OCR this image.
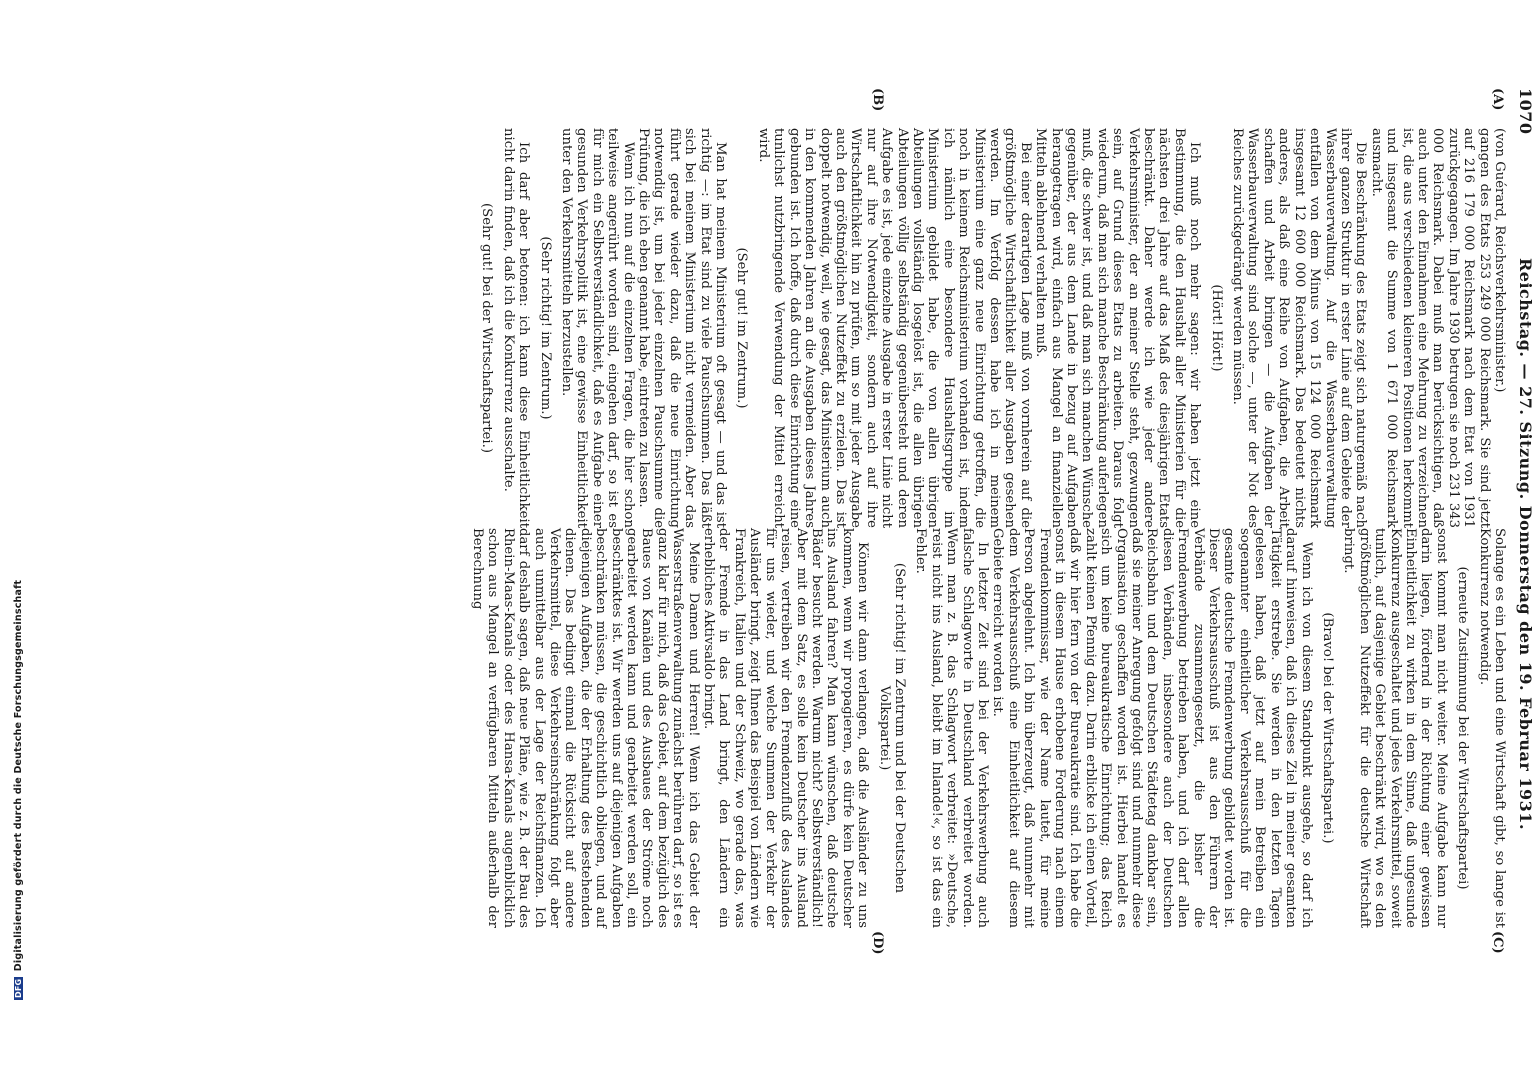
DFG Digitalisierung gefördert durch die Deutsche Forschungsgemeinschaft
1070
Reichstag. — 27. Sitzung. Donnerstag den 19. Februar 1931.
(A)
(B)
(C)
(D)

(von Guérard, Reichsverkehrsminister.)

gangen des Etats 253 249 000 Reichsmark. Sie sind jetzt auf 216 179 000 Reichsmark nach dem Etat von 1931 zurückgegangen. Im Jahre 1930 betrugen sie noch 231 343 000 Reichsmark. Dabei muß man berücksichtigen, daß auch unter den Einnahmen eine Mehrung zu verzeichnen ist, die aus verschiedenen kleineren Positionen herkommt und insgesamt die Summe von 1 671 000 Reichsmark ausmacht.

Die Beschränkung des Etats zeigt sich naturgemäß nach ihrer ganzen Struktur in erster Linie auf dem Gebiete der Wasserbauverwaltung. Auf die Wasserbauverwaltung entfallen von dem Minus von 15 124 000 Reichsmark insgesamt 12 600 000 Reichsmark. Das bedeutet nichts anderes, als daß eine Reihe von Aufgaben, die Arbeit schaffen und Arbeit bringen — die Aufgaben der Wasserbauverwaltung sind solche —, unter der Not des Reiches zurückgedrängt werden müssen.

(Hört! Hört!)

Ich muß noch mehr sagen: wir haben jetzt eine Bestimmung, die den Haushalt aller Ministerien für die nächsten drei Jahre auf das Maß des diesjährigen Etats beschränkt. Daher werde ich wie jeder andere Verkehrsminister, der an meiner Stelle steht, gezwungen sein, auf Grund dieses Etats zu arbeiten. Daraus folgt wiederum, daß man sich manche Beschränkung auferlegen muß, die schwer ist, und daß man sich manchen Wünsche gegenüber, der aus dem Lande in bezug auf Aufgaben herangetragen wird, einfach aus Mangel an finanziellen Mitteln ablehnend verhalten muß.

Bei einer derartigen Lage muß von vornherein auf die größtmögliche Wirtschaftlichkeit aller Ausgaben gesehen werden. Im Verfolg dessen habe ich in meinem Ministerium eine ganz neue Einrichtung getroffen, die noch in keinem Reichsministerium vorhanden ist, indem ich nämlich eine besondere Haushaltsgruppe im Ministerium gebildet habe, die von allen übrigen Abteilungen vollständig losgelöst ist, die allen übrigen Abteilungen völlig selbständig gegenübersteht und deren Aufgabe es ist, jede einzelne Ausgabe in erster Linie nicht nur auf ihre Notwendigkeit, sondern auch auf ihre Wirtschaftlichkeit hin zu prüfen, um so mit jeder Ausgabe auch den größtmöglichen Nutzeffekt zu erzielen. Das ist doppelt notwendig, weil, wie gesagt, das Ministerium auch in den kommenden Jahren an die Ausgaben dieses Jahres gebunden ist. Ich hoffe, daß durch diese Einrichtung eine tunlichst nutzbringende Verwendung der Mittel erreicht wird.

(Sehr gut! im Zentrum.)

Man hat meinem Ministerium oft gesagt — und das ist richtig —: im Etat sind zu viele Pauschsummen. Das läßt sich bei meinem Ministerium nicht vermeiden. Aber das führt gerade wieder dazu, daß die neue Einrichtung notwendig ist, um bei jeder einzelnen Pauschsumme die Prüfung, die ich eben genannt habe, eintreten zu lassen.

Wenn ich nun auf die einzelnen Fragen, die hier schon teilweise angerührt worden sind, eingehen darf, so ist es für mich ein Selbstverständlichkeit, daß es Aufgabe einer gesunden Verkehrspolitik ist, eine gewisse Einheitlichkeit unter den Verkehrsmitteln herzustellen.

(Sehr richtig! im Zentrum.)

Ich darf aber betonen: ich kann diese Einheitlichkeit nicht darin finden, daß ich die Konkurrenz ausschalte.

(Sehr gut! bei der Wirtschaftspartei.)

Solange es ein Leben und eine Wirtschaft gibt, so lange ist Konkurrenz notwendig.

(erneute Zustimmung bei der Wirtschaftspartei)

sonst kommt man nicht weiter. Meine Aufgabe kann nur darin liegen, fördernd in der Richtung einer gewissen Einheitlichkeit zu wirken in dem Sinne, daß ungesunde Konkurrenz ausgeschaltet und jedes Verkehrsmittel, soweit tunlich, auf dasjenige Gebiet beschränkt wird, wo es den größtmöglichen Nutzeffekt für die deutsche Wirtschaft bringt.

(Bravo! bei der Wirtschaftspartei.)

Wenn ich von diesem Standpunkt ausgehe, so darf ich darauf hinweisen, daß ich dieses Ziel in meiner gesamten Tätigkeit erstrebe. Sie werden in den letzten Tagen gelesen haben, daß jetzt auf mein Betreiben ein sogenannter einheitlicher Verkehrsausschuß für die gesamte deutsche Fremdenwerbung gebildet worden ist. Dieser Verkehrsausschuß ist aus den Führern der Verbände zusammengesetzt, die bisher die Fremdenwerbung betrieben haben, und ich darf allen diesen Verbänden, insbesondere auch der Deutschen Reichsbahn und dem Deutschen Städtetag dankbar sein, daß sie meiner Anregung gefolgt sind und nunmehr diese Organisation geschaffen worden ist. Hierbei handelt es sich um keine bureaukratische Einrichtung; das Reich zahlt keinen Pfennig dazu. Darin erblicke ich einen Vorteil, daß wir hier fern von der Bureaukratie sind. Ich habe die sonst in diesem Hause erhobene Forderung nach einem Fremdenkommissar, wie der Name lautet, für meine Person abgelehnt. Ich bin überzeugt, daß nunmehr mit dem Verkehrsausschuß eine Einheitlichkeit auf diesem Gebiete erreicht worden ist.

In letzter Zeit sind bei der Verkehrswerbung auch falsche Schlagworte in Deutschland verbreitet worden. Wenn man z. B. das Schlagwort verbreitet: »Deutsche, reist nicht ins Ausland, bleibt im Inlande!«, so ist das ein Fehler.

(Sehr richtig! im Zentrum und bei der Deutschen Volkspartei.)

Können wir dann verlangen, daß die Ausländer zu uns kommen, wenn wir propagieren, es dürfe kein Deutscher ins Ausland fahren? Man kann wünschen, daß deutsche Bäder besucht werden. Warum nicht? Selbstverständlich! Aber mit dem Satz, es solle kein Deutscher ins Ausland reisen, vertreiben wir den Fremdenzufluß des Auslandes für uns wieder, und welche Summen der Verkehr der Ausländer bringt, zeigt Ihnen das Beispiel von Ländern wie Frankreich, Italien und der Schweiz, wo gerade das, was der Fremde in das Land bringt, den Ländern ein erhebliches Aktivsaldo bringt.

Meine Damen und Herren! Wenn ich das Gebiet der Wasserstraßenverwaltung zunächst berühren darf, so ist es ganz klar für mich, daß das Gebiet, auf dem bezüglich des Baues von Kanälen und des Ausbaues der Ströme noch gearbeitet werden kann und gearbeitet werden soll, ein beschränktes ist. Wir werden uns auf diejenigen Aufgaben beschränken müssen, die geschichtlich obliegen, und auf diejenigen Aufgaben, die der Erhaltung des Bestehenden dienen. Das bedingt einmal die Rücksicht auf andere Verkehrsmittel, diese Verkehrseinschränkung folgt aber auch unmittelbar aus der Lage der Reichsfinanzen. Ich darf deshalb sagen, daß neue Pläne, wie z. B. der Bau des Rhein-Maas-Kanals oder des Hansa-Kanals augenblicklich schon aus Mangel an verfügbaren Mitteln außerhalb der Berechnung
